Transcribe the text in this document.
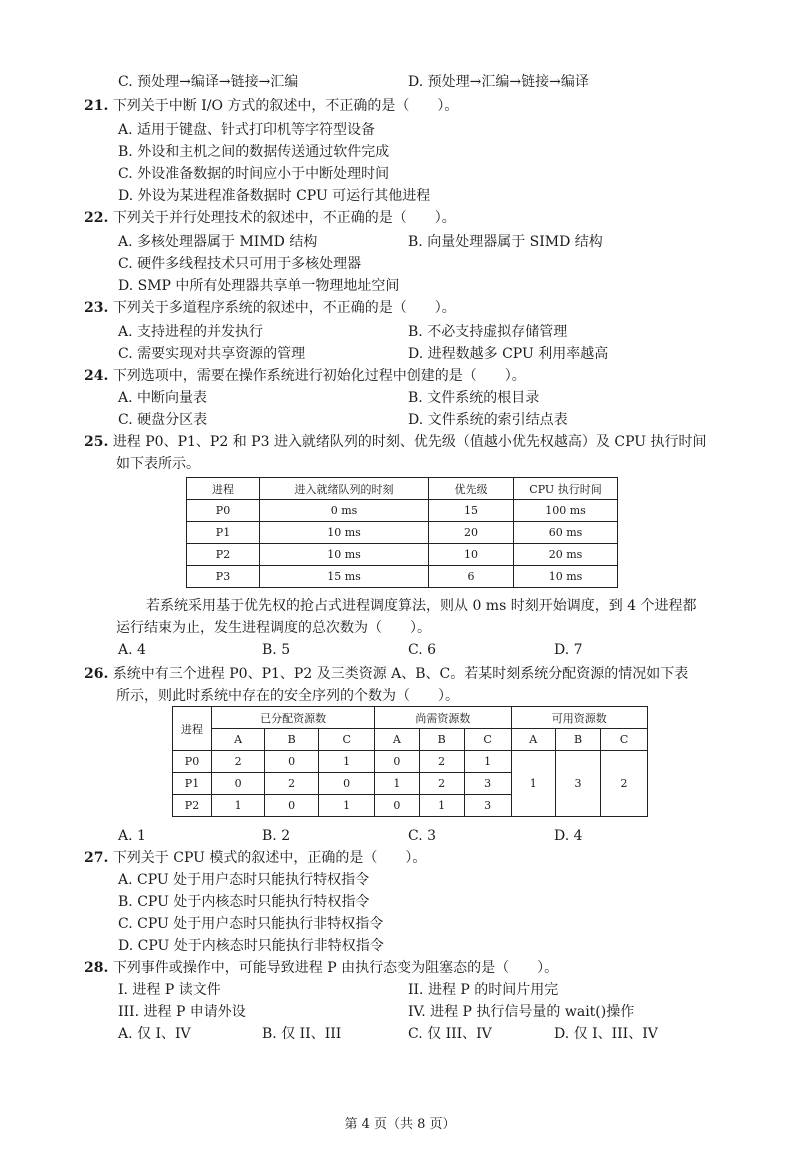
C. 预处理→编译→链接→汇编	D. 预处理→汇编→链接→编译
21. 下列关于中断 I/O 方式的叙述中，不正确的是（　　）。
A. 适用于键盘、针式打印机等字符型设备
B. 外设和主机之间的数据传送通过软件完成
C. 外设准备数据的时间应小于中断处理时间
D. 外设为某进程准备数据时 CPU 可运行其他进程
22. 下列关于并行处理技术的叙述中，不正确的是（　　）。
A. 多核处理器属于 MIMD 结构	B. 向量处理器属于 SIMD 结构
C. 硬件多线程技术只可用于多核处理器
D. SMP 中所有处理器共享单一物理地址空间
23. 下列关于多道程序系统的叙述中，不正确的是（　　）。
A. 支持进程的并发执行	B. 不必支持虚拟存储管理
C. 需要实现对共享资源的管理	D. 进程数越多 CPU 利用率越高
24. 下列选项中，需要在操作系统进行初始化过程中创建的是（　　）。
A. 中断向量表	B. 文件系统的根目录
C. 硬盘分区表	D. 文件系统的索引结点表
25. 进程 P0、P1、P2 和 P3 进入就绪队列的时刻、优先级（值越小优先权越高）及 CPU 执行时间
如下表所示。
进程	进入就绪队列的时刻	优先级	CPU 执行时间
P0	0 ms	15	100 ms
P1	10 ms	20	60 ms
P2	10 ms	10	20 ms
P3	15 ms	6	10 ms
若系统采用基于优先权的抢占式进程调度算法，则从 0 ms 时刻开始调度，到 4 个进程都
运行结束为止，发生进程调度的总次数为（　　）。
A. 4	B. 5	C. 6	D. 7
26. 系统中有三个进程 P0、P1、P2 及三类资源 A、B、C。若某时刻系统分配资源的情况如下表
所示，则此时系统中存在的安全序列的个数为（　　）。
进程	已分配资源数			尚需资源数			可用资源数		
	A	B	C	A	B	C	A	B	C
P0	2	0	1	0	2	1	1	3	2
P1	0	2	0	1	2	3			
P2	1	0	1	0	1	3			
A. 1	B. 2	C. 3	D. 4
27. 下列关于 CPU 模式的叙述中，正确的是（　　）。
A. CPU 处于用户态时只能执行特权指令
B. CPU 处于内核态时只能执行特权指令
C. CPU 处于用户态时只能执行非特权指令
D. CPU 处于内核态时只能执行非特权指令
28. 下列事件或操作中，可能导致进程 P 由执行态变为阻塞态的是（　　）。
I. 进程 P 读文件	II. 进程 P 的时间片用完
III. 进程 P 申请外设	IV. 进程 P 执行信号量的 wait()操作
A. 仅 I、IV	B. 仅 II、III	C. 仅 III、IV	D. 仅 I、III、IV
第 4 页（共 8 页）
